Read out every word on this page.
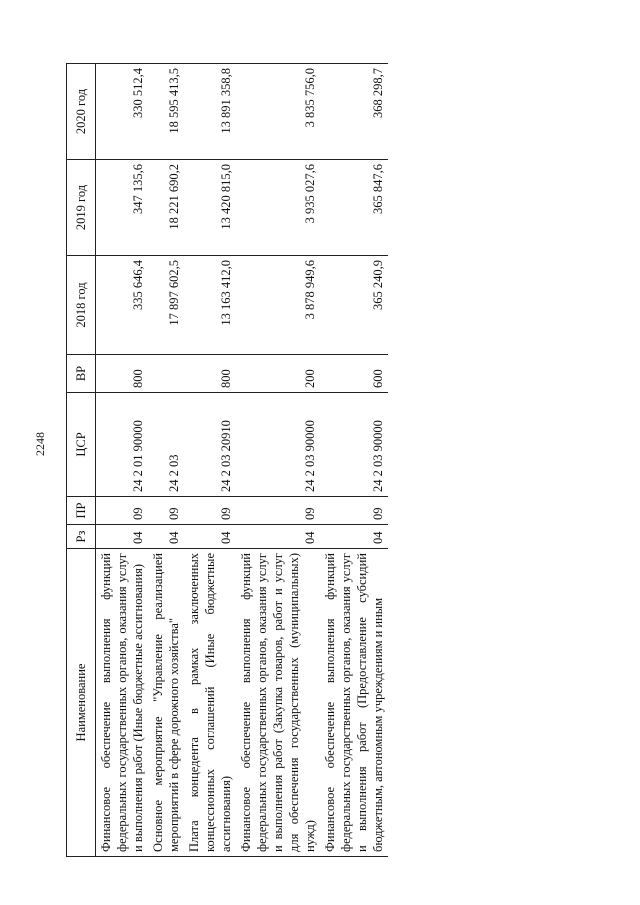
2248
Наименование	Рз	ПР	ЦСР	ВР	2018 год	2019 год	2020 год
Финансовое обеспечение выполнения функций федеральных государственных органов, оказания услуг и выполнения работ (Иные бюджетные ассигнования)	04	09	24 2 01 90000	800	335 646,4	347 135,6	330 512,4
Основное мероприятие "Управление реализацией мероприятий в сфере дорожного хозяйства"	04	09	24 2 03		17 897 602,5	18 221 690,2	18 595 413,5
Плата концедента в рамках заключенных концессионных соглашений (Иные бюджетные ассигнования)	04	09	24 2 03 20910	800	13 163 412,0	13 420 815,0	13 891 358,8
Финансовое обеспечение выполнения функций федеральных государственных органов, оказания услуг и выполнения работ (Закупка товаров, работ и услуг для обеспечения государственных (муниципальных) нужд)	04	09	24 2 03 90000	200	3 878 949,6	3 935 027,6	3 835 756,0
Финансовое обеспечение выполнения функций федеральных государственных органов, оказания услуг и выполнения работ (Предоставление субсидий бюджетным, автономным учреждениям и иным	04	09	24 2 03 90000	600	365 240,9	365 847,6	368 298,7
